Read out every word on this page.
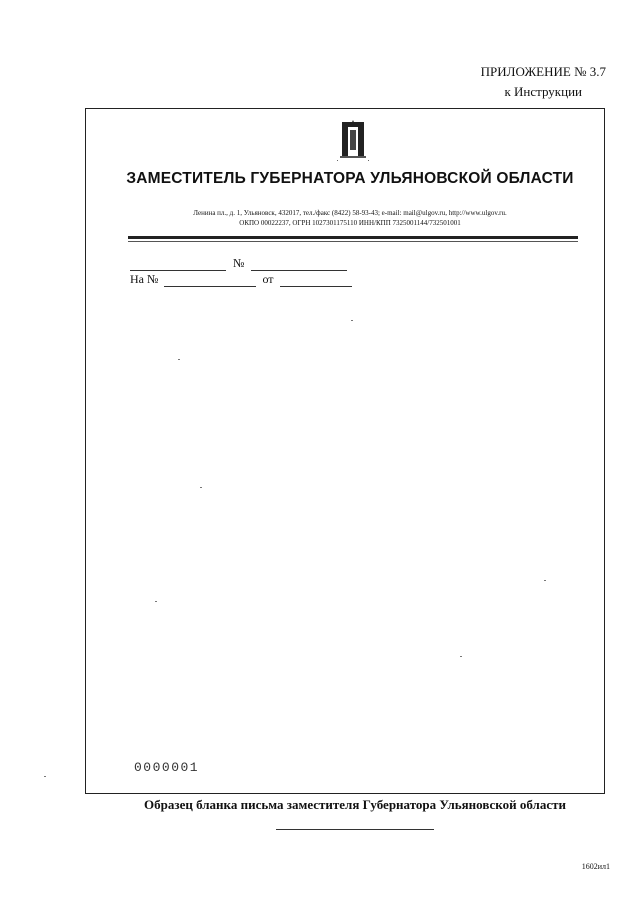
ПРИЛОЖЕНИЕ № 3.7
к Инструкции
ЗАМЕСТИТЕЛЬ ГУБЕРНАТОРА УЛЬЯНОВСКОЙ ОБЛАСТИ
Ленина пл., д. 1, Ульяновск, 432017, тел./факс (8422) 58-93-43; e-mail: mail@ulgov.ru, http://www.ulgov.ru.
ОКПО 00022237, ОГРН 1027301175110 ИНН/КПП 7325001144/732501001
№
На №	от
0000001
Образец бланка письма заместителя Губернатора Ульяновской области
1602ил1
